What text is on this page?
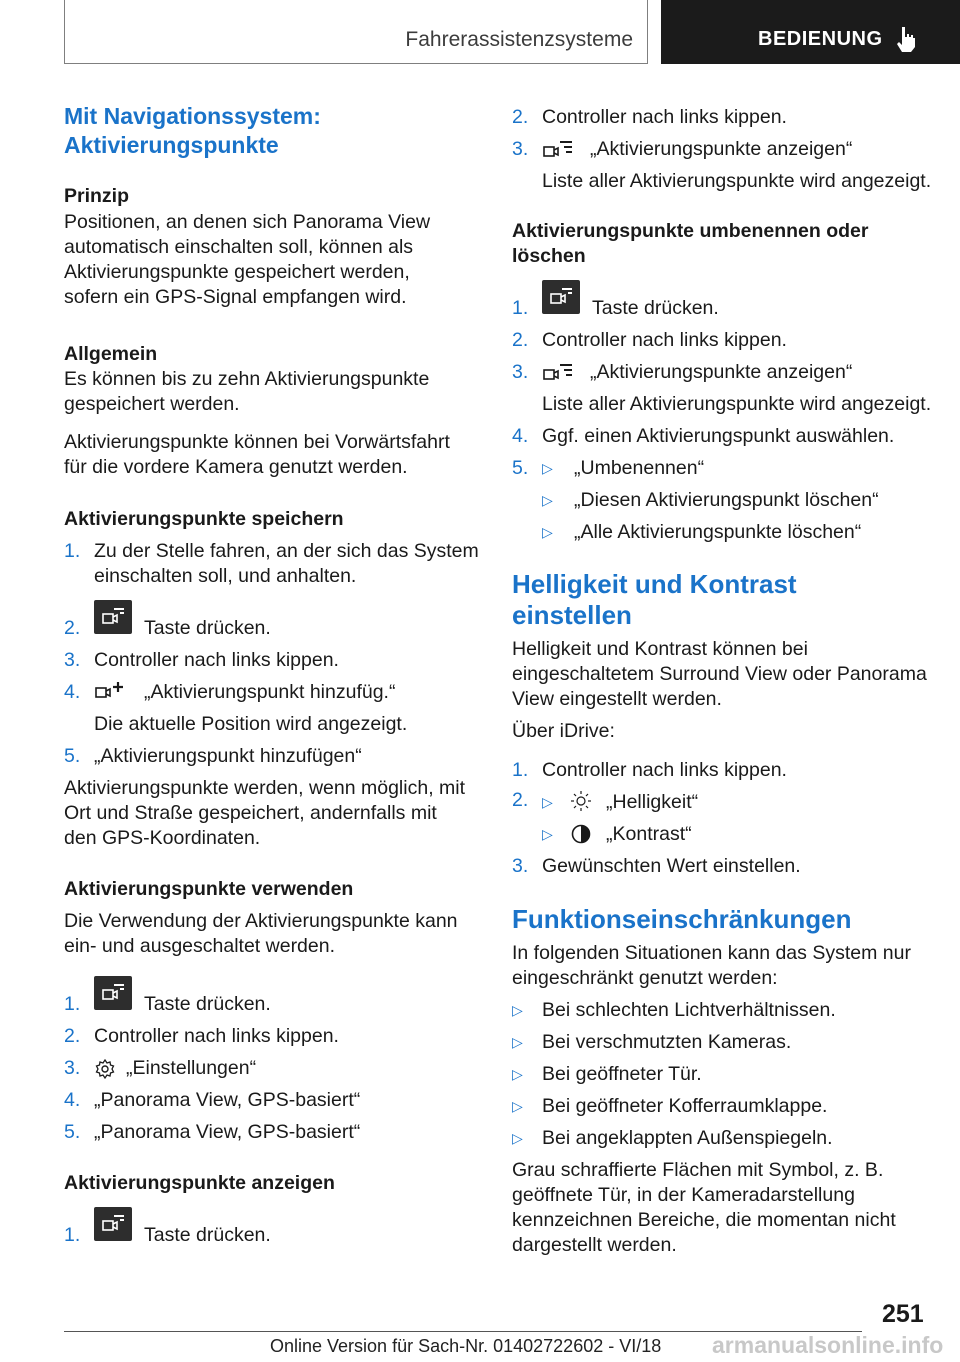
Fahrerassistenzsysteme	BEDIENUNG
Mit Navigationssystem: Aktivierungspunkte
Prinzip
Positionen, an denen sich Panorama View automatisch einschalten soll, können als Aktivierungspunkte gespeichert werden, sofern ein GPS-Signal empfangen wird.
Allgemein
Es können bis zu zehn Aktivierungspunkte gespeichert werden.
Aktivierungspunkte können bei Vorwärtsfahrt für die vordere Kamera genutzt werden.
Aktivierungspunkte speichern
1. Zu der Stelle fahren, an der sich das System einschalten soll, und anhalten.
2.	Taste drücken.
3. Controller nach links kippen.
4.	„Aktivierungspunkt hinzufüg.“
Die aktuelle Position wird angezeigt.
5. „Aktivierungspunkt hinzufügen“
Aktivierungspunkte werden, wenn möglich, mit Ort und Straße gespeichert, andernfalls mit den GPS-Koordinaten.
Aktivierungspunkte verwenden
Die Verwendung der Aktivierungspunkte kann ein- und ausgeschaltet werden.
1.	Taste drücken.
2. Controller nach links kippen.
3. „Einstellungen“
4. „Panorama View, GPS-basiert“
5. „Panorama View, GPS-basiert“
Aktivierungspunkte anzeigen
1.	Taste drücken.
2. Controller nach links kippen.
3.	„Aktivierungspunkte anzeigen“
Liste aller Aktivierungspunkte wird angezeigt.
Aktivierungspunkte umbenennen oder löschen
1.	Taste drücken.
2. Controller nach links kippen.
3.	„Aktivierungspunkte anzeigen“
Liste aller Aktivierungspunkte wird angezeigt.
4. Ggf. einen Aktivierungspunkt auswählen.
5. ▷ „Umbenennen“
▷ „Diesen Aktivierungspunkt löschen“
▷ „Alle Aktivierungspunkte löschen“
Helligkeit und Kontrast einstellen
Helligkeit und Kontrast können bei eingeschaltetem Surround View oder Panorama View eingestellt werden.
Über iDrive:
1. Controller nach links kippen.
2. ▷	„Helligkeit“
▷	„Kontrast“
3. Gewünschten Wert einstellen.
Funktionseinschränkungen
In folgenden Situationen kann das System nur eingeschränkt genutzt werden:
▷ Bei schlechten Lichtverhältnissen.
▷ Bei verschmutzten Kameras.
▷ Bei geöffneter Tür.
▷ Bei geöffneter Kofferraumklappe.
▷ Bei angeklappten Außenspiegeln.
Grau schraffierte Flächen mit Symbol, z. B. geöffnete Tür, in der Kameradarstellung kennzeichnen Bereiche, die momentan nicht dargestellt werden.
251
Online Version für Sach-Nr. 01402722602 - VI/18 armanualsonline.info
